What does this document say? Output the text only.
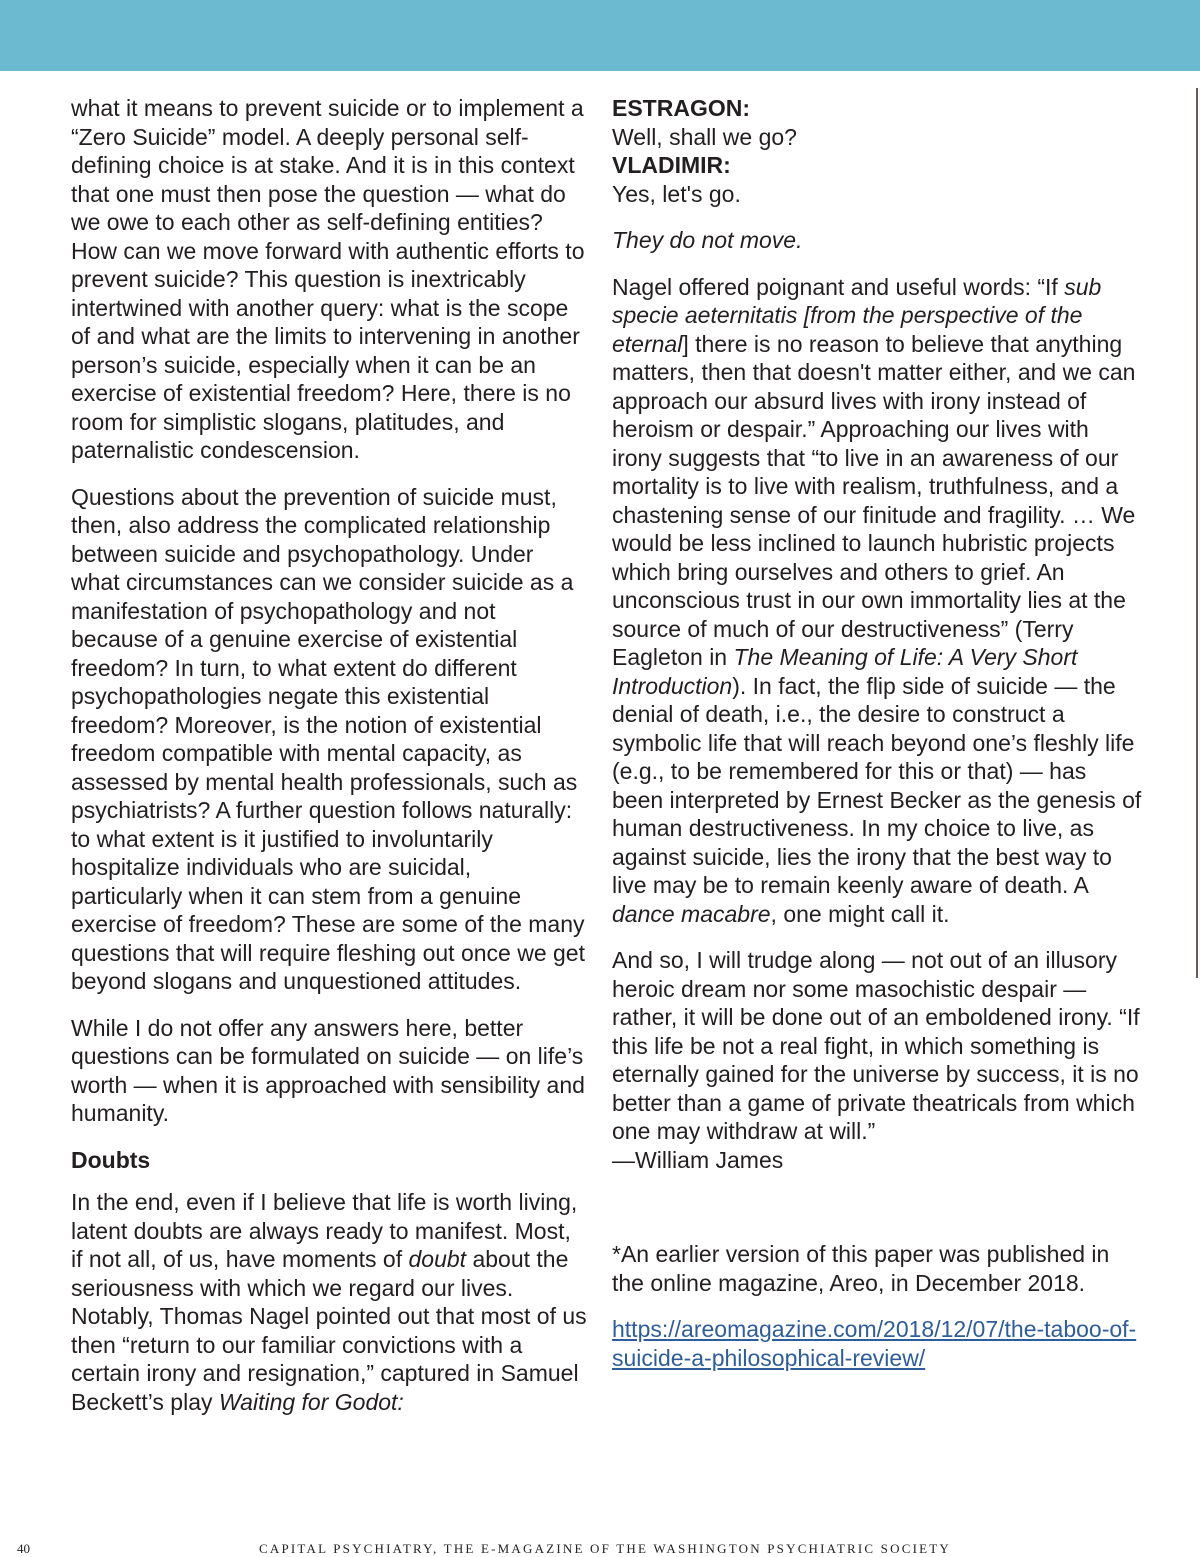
what it means to prevent suicide or to implement a “Zero Suicide” model. A deeply personal self-defining choice is at stake. And it is in this context that one must then pose the question — what do we owe to each other as self-defining entities? How can we move forward with authentic efforts to prevent suicide? This question is inextricably intertwined with another query: what is the scope of and what are the limits to intervening in another person’s suicide, especially when it can be an exercise of existential freedom? Here, there is no room for simplistic slogans, platitudes, and paternalistic condescension.

Questions about the prevention of suicide must, then, also address the complicated relationship between suicide and psychopathology. Under what circumstances can we consider suicide as a manifestation of psychopathology and not because of a genuine exercise of existential freedom? In turn, to what extent do different psychopathologies negate this existential freedom? Moreover, is the notion of existential freedom compatible with mental capacity, as assessed by mental health professionals, such as psychiatrists? A further question follows naturally: to what extent is it justified to involuntarily hospitalize individuals who are suicidal, particularly when it can stem from a genuine exercise of freedom? These are some of the many questions that will require fleshing out once we get beyond slogans and unquestioned attitudes.

While I do not offer any answers here, better questions can be formulated on suicide — on life’s worth — when it is approached with sensibility and humanity.

Doubts

In the end, even if I believe that life is worth living, latent doubts are always ready to manifest. Most, if not all, of us, have moments of doubt about the seriousness with which we regard our lives. Notably, Thomas Nagel pointed out that most of us then “return to our familiar convictions with a certain irony and resignation,” captured in Samuel Beckett’s play Waiting for Godot:

ESTRAGON:
Well, shall we go?
VLADIMIR:
Yes, let's go.

They do not move.

Nagel offered poignant and useful words: “If sub specie aeternitatis [from the perspective of the eternal] there is no reason to believe that anything matters, then that doesn't matter either, and we can approach our absurd lives with irony instead of heroism or despair.” Approaching our lives with irony suggests that “to live in an awareness of our mortality is to live with realism, truthfulness, and a chastening sense of our finitude and fragility. … We would be less inclined to launch hubristic projects which bring ourselves and others to grief. An unconscious trust in our own immortality lies at the source of much of our destructiveness” (Terry Eagleton in The Meaning of Life: A Very Short Introduction). In fact, the flip side of suicide — the denial of death, i.e., the desire to construct a symbolic life that will reach beyond one’s fleshly life (e.g., to be remembered for this or that) — has been interpreted by Ernest Becker as the genesis of human destructiveness. In my choice to live, as against suicide, lies the irony that the best way to live may be to remain keenly aware of death. A dance macabre, one might call it.

And so, I will trudge along — not out of an illusory heroic dream nor some masochistic despair — rather, it will be done out of an emboldened irony. “If this life be not a real fight, in which something is eternally gained for the universe by success, it is no better than a game of private theatricals from which one may withdraw at will.”

—William James

*An earlier version of this paper was published in the online magazine, Areo, in December 2018.

https://areomagazine.com/2018/12/07/the-taboo-of-suicide-a-philosophical-review/

40	CAPITAL PSYCHIATRY, THE E-MAGAZINE OF THE WASHINGTON PSYCHIATRIC SOCIETY
